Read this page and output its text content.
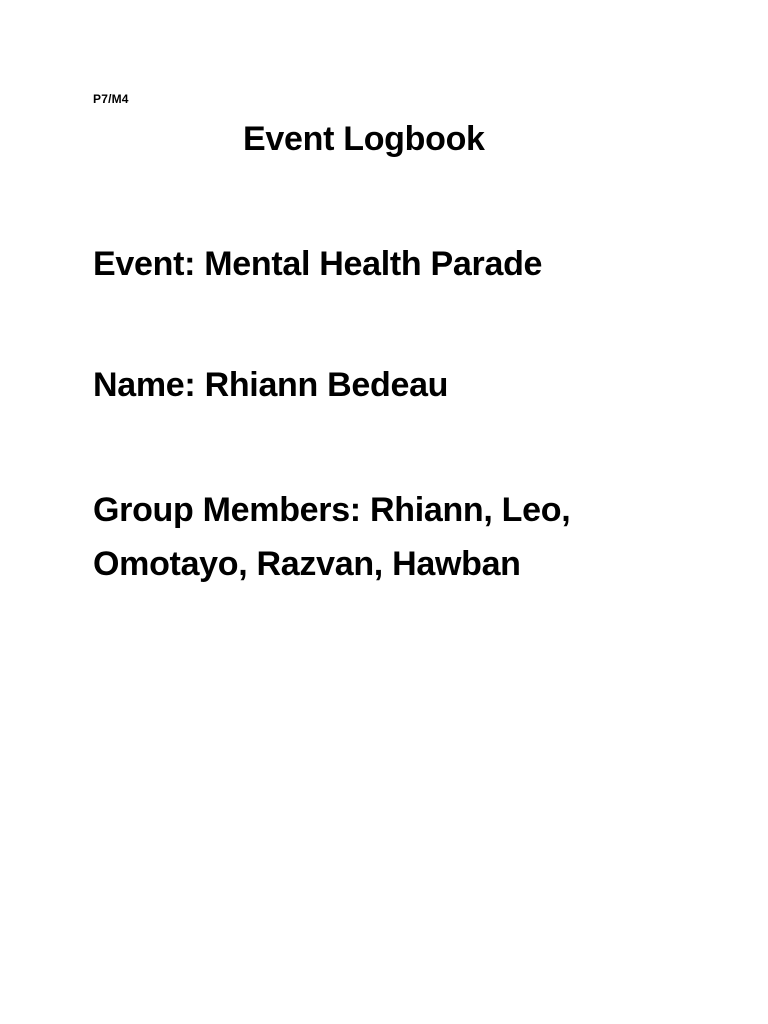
P7/M4
Event Logbook
Event: Mental Health Parade
Name: Rhiann Bedeau
Group Members: Rhiann, Leo,
Omotayo, Razvan, Hawban
